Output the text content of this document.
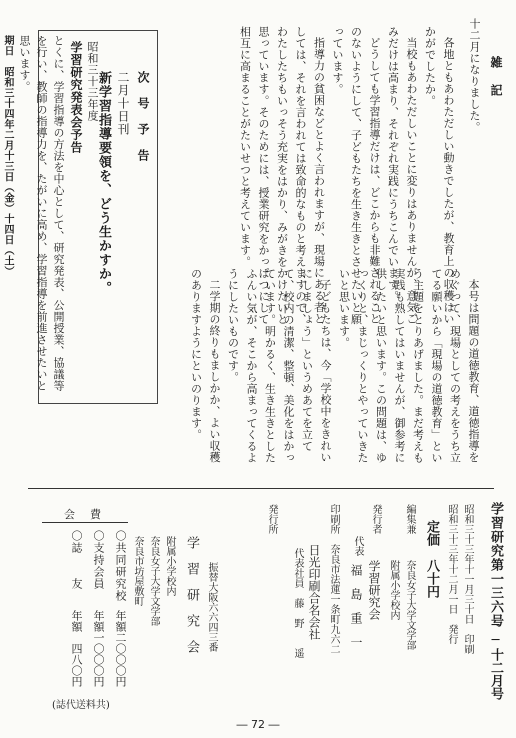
雑　記
十二月になりました。

各地ともあわただしい動きでしたが、教育上の収穫はいかがでしたか。

当校もあわただしいことに変りはありませんが、意気ごみだけは高まり、それぞれ実践にうちこんでいます。

どうしても学習指導だけは、どこからも非難されることのないようにして、子どもたちを生き生きとさせたいと願っています。

指導力の貧困などとよく言われますが、現場にある者としては、それを言われては致命的なものと考えますので、わたしたちもいっそう充実をはかり、みがきをかけたいと思っています。そのためには、授業研究をかっぱつにして相互に高まることがたいせつと考えています。

本号は問題の道徳教育、道徳指導をめぐって、現場としての考えをうち立てる願いから「現場の道徳教育」という主題をとりあげました。まだ考えも実践も熟してはいませんが、御参考に供したいと思います。この問題は、ゆっくりと、まじっくりとやっていきたいと思います。

子どもたちは、今「学校中をきれいにしましょう」というめあてを立てて、校内の清潔、整頓、美化をはかっています。明かるく、生き生きとしたふんい気が、そこから高まってくるようにしたいものです。

二学期の終りもましかか、よい収穫のありますようにといのります。

次　号　予　告
二月十日刊
新学習指導要領を、どう生かすか。
昭和三十三年度
学習研究発表会予告
とくに、学習指導の方法を中心として、研究発表、公開授業、協議等を行い、教師の指導力を、たがいに高め、学習指導を前進させたいと思います。
期日　昭和三十四年二月十三日（金）十四日（土）
学習研究第一三六号
──十二月号
昭和三十三年十一月三十日　印刷
昭和三十三年十二月一日　発行
定価　八十円
編集兼
奈良女子大学文学部
附属小学校内
発行者
学習研究会
代表
福　島　重　一
印刷所
奈良市法蓮一条町九六二
日光印刷合名会社
代表社員　藤　野　　遥
発行所
奈良市坊屋敷町 奈良女子大学文学部 附属小学校内 学　習　研　究　会 振替大阪六六四三番
会　費
〇共同研究校
年額二〇〇〇円
〇支持会員
年額一〇〇〇円
〇誌　　友
年額　四八〇円
(誌代送料共)
― 72 ―
